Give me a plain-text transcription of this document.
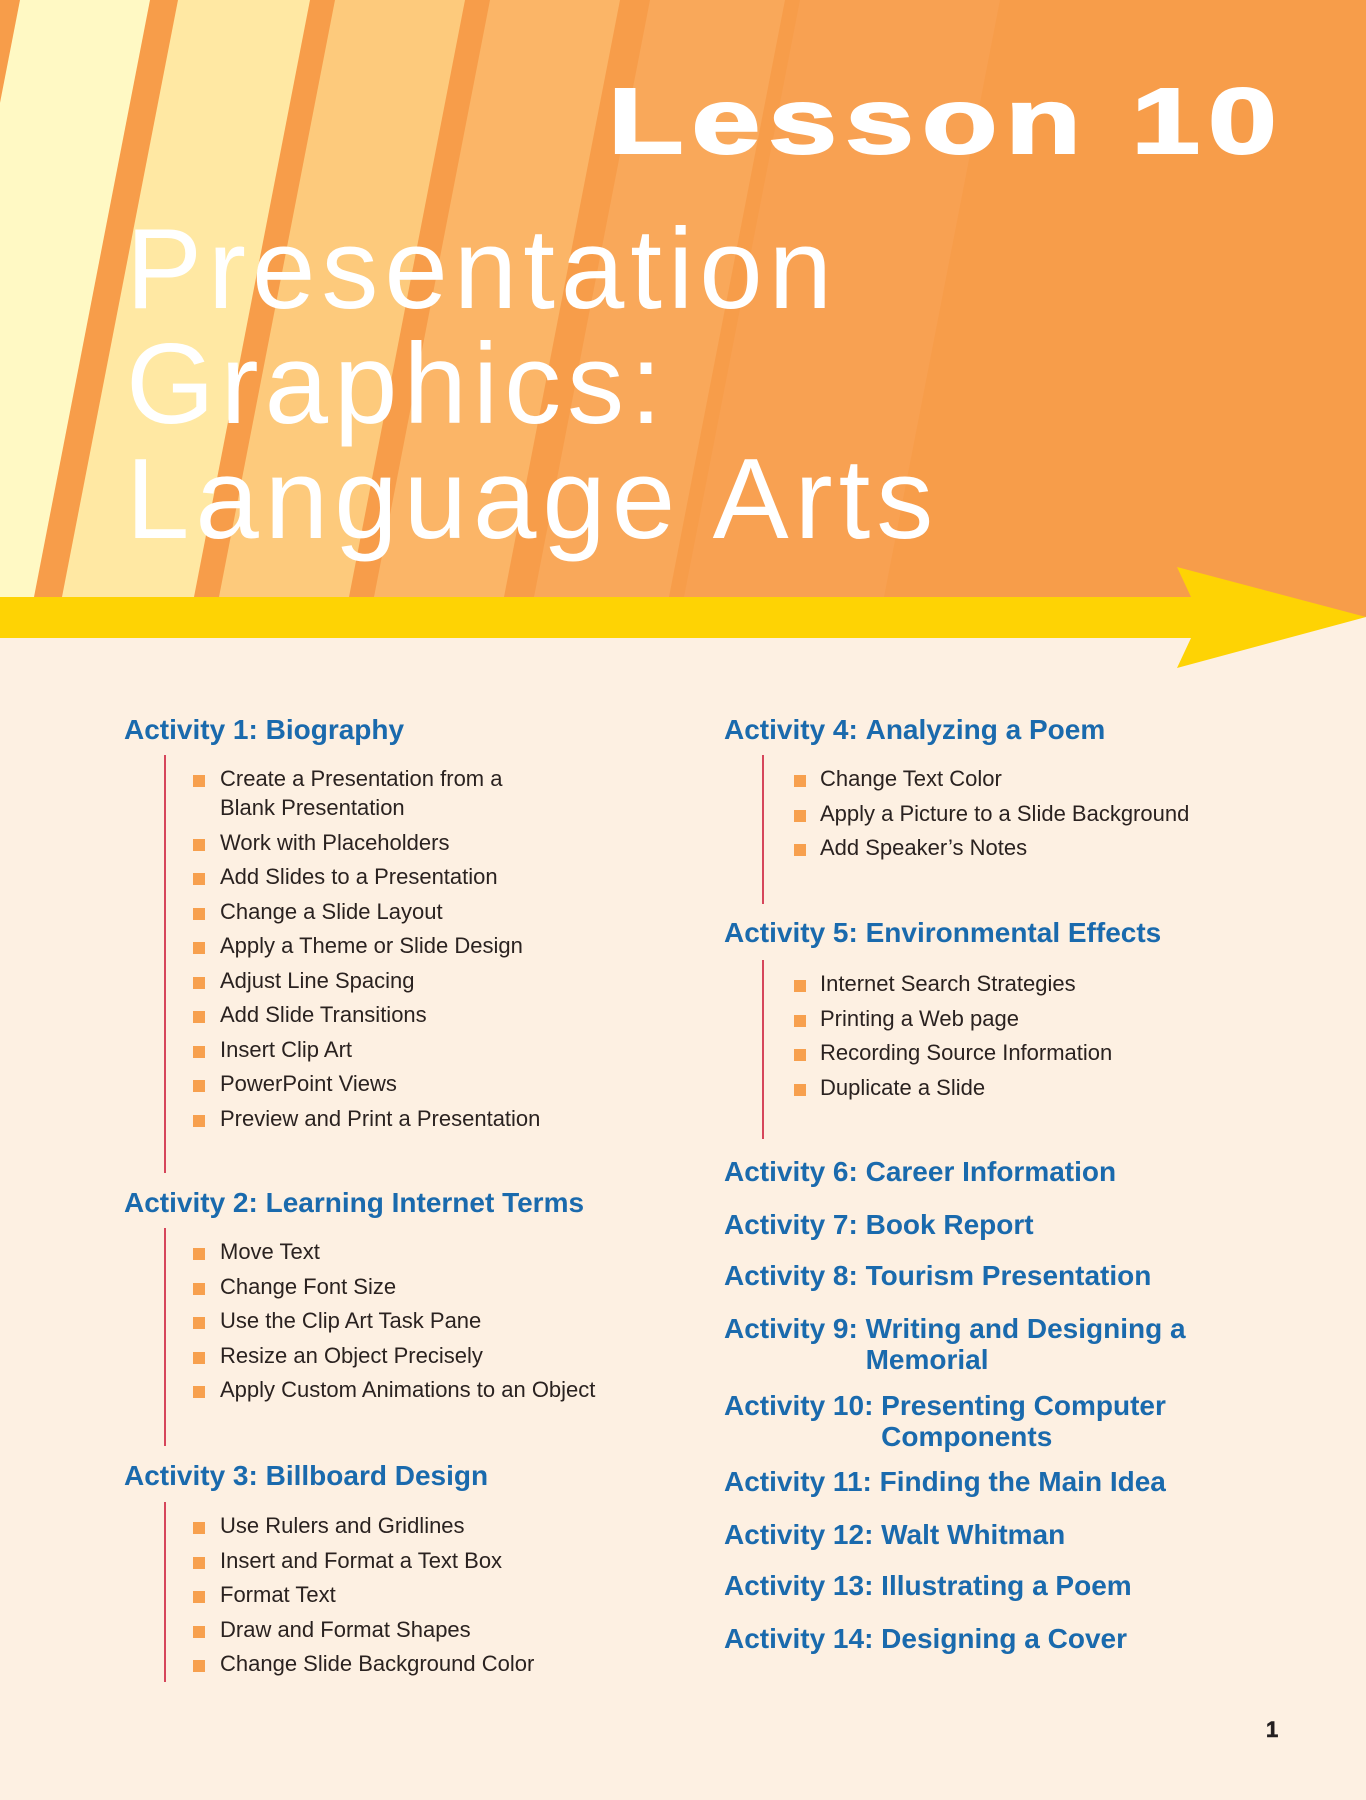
Lesson 10
Presentation
Graphics:
Language Arts
Activity 1: Biography
Create a Presentation from a Blank Presentation
Work with Placeholders
Add Slides to a Presentation
Change a Slide Layout
Apply a Theme or Slide Design
Adjust Line Spacing
Add Slide Transitions
Insert Clip Art
PowerPoint Views
Preview and Print a Presentation
Activity 2: Learning Internet Terms
Move Text
Change Font Size
Use the Clip Art Task Pane
Resize an Object Precisely
Apply Custom Animations to an Object
Activity 3: Billboard Design
Use Rulers and Gridlines
Insert and Format a Text Box
Format Text
Draw and Format Shapes
Change Slide Background Color
Activity 4: Analyzing a Poem
Change Text Color
Apply a Picture to a Slide Background
Add Speaker’s Notes
Activity 5: Environmental Effects
Internet Search Strategies
Printing a Web page
Recording Source Information
Duplicate a Slide
Activity 6: Career Information
Activity 7: Book Report
Activity 8: Tourism Presentation
Activity 9: Writing and Designing a Memorial
Activity 10: Presenting Computer Components
Activity 11: Finding the Main Idea
Activity 12: Walt Whitman
Activity 13: Illustrating a Poem
Activity 14: Designing a Cover
1
